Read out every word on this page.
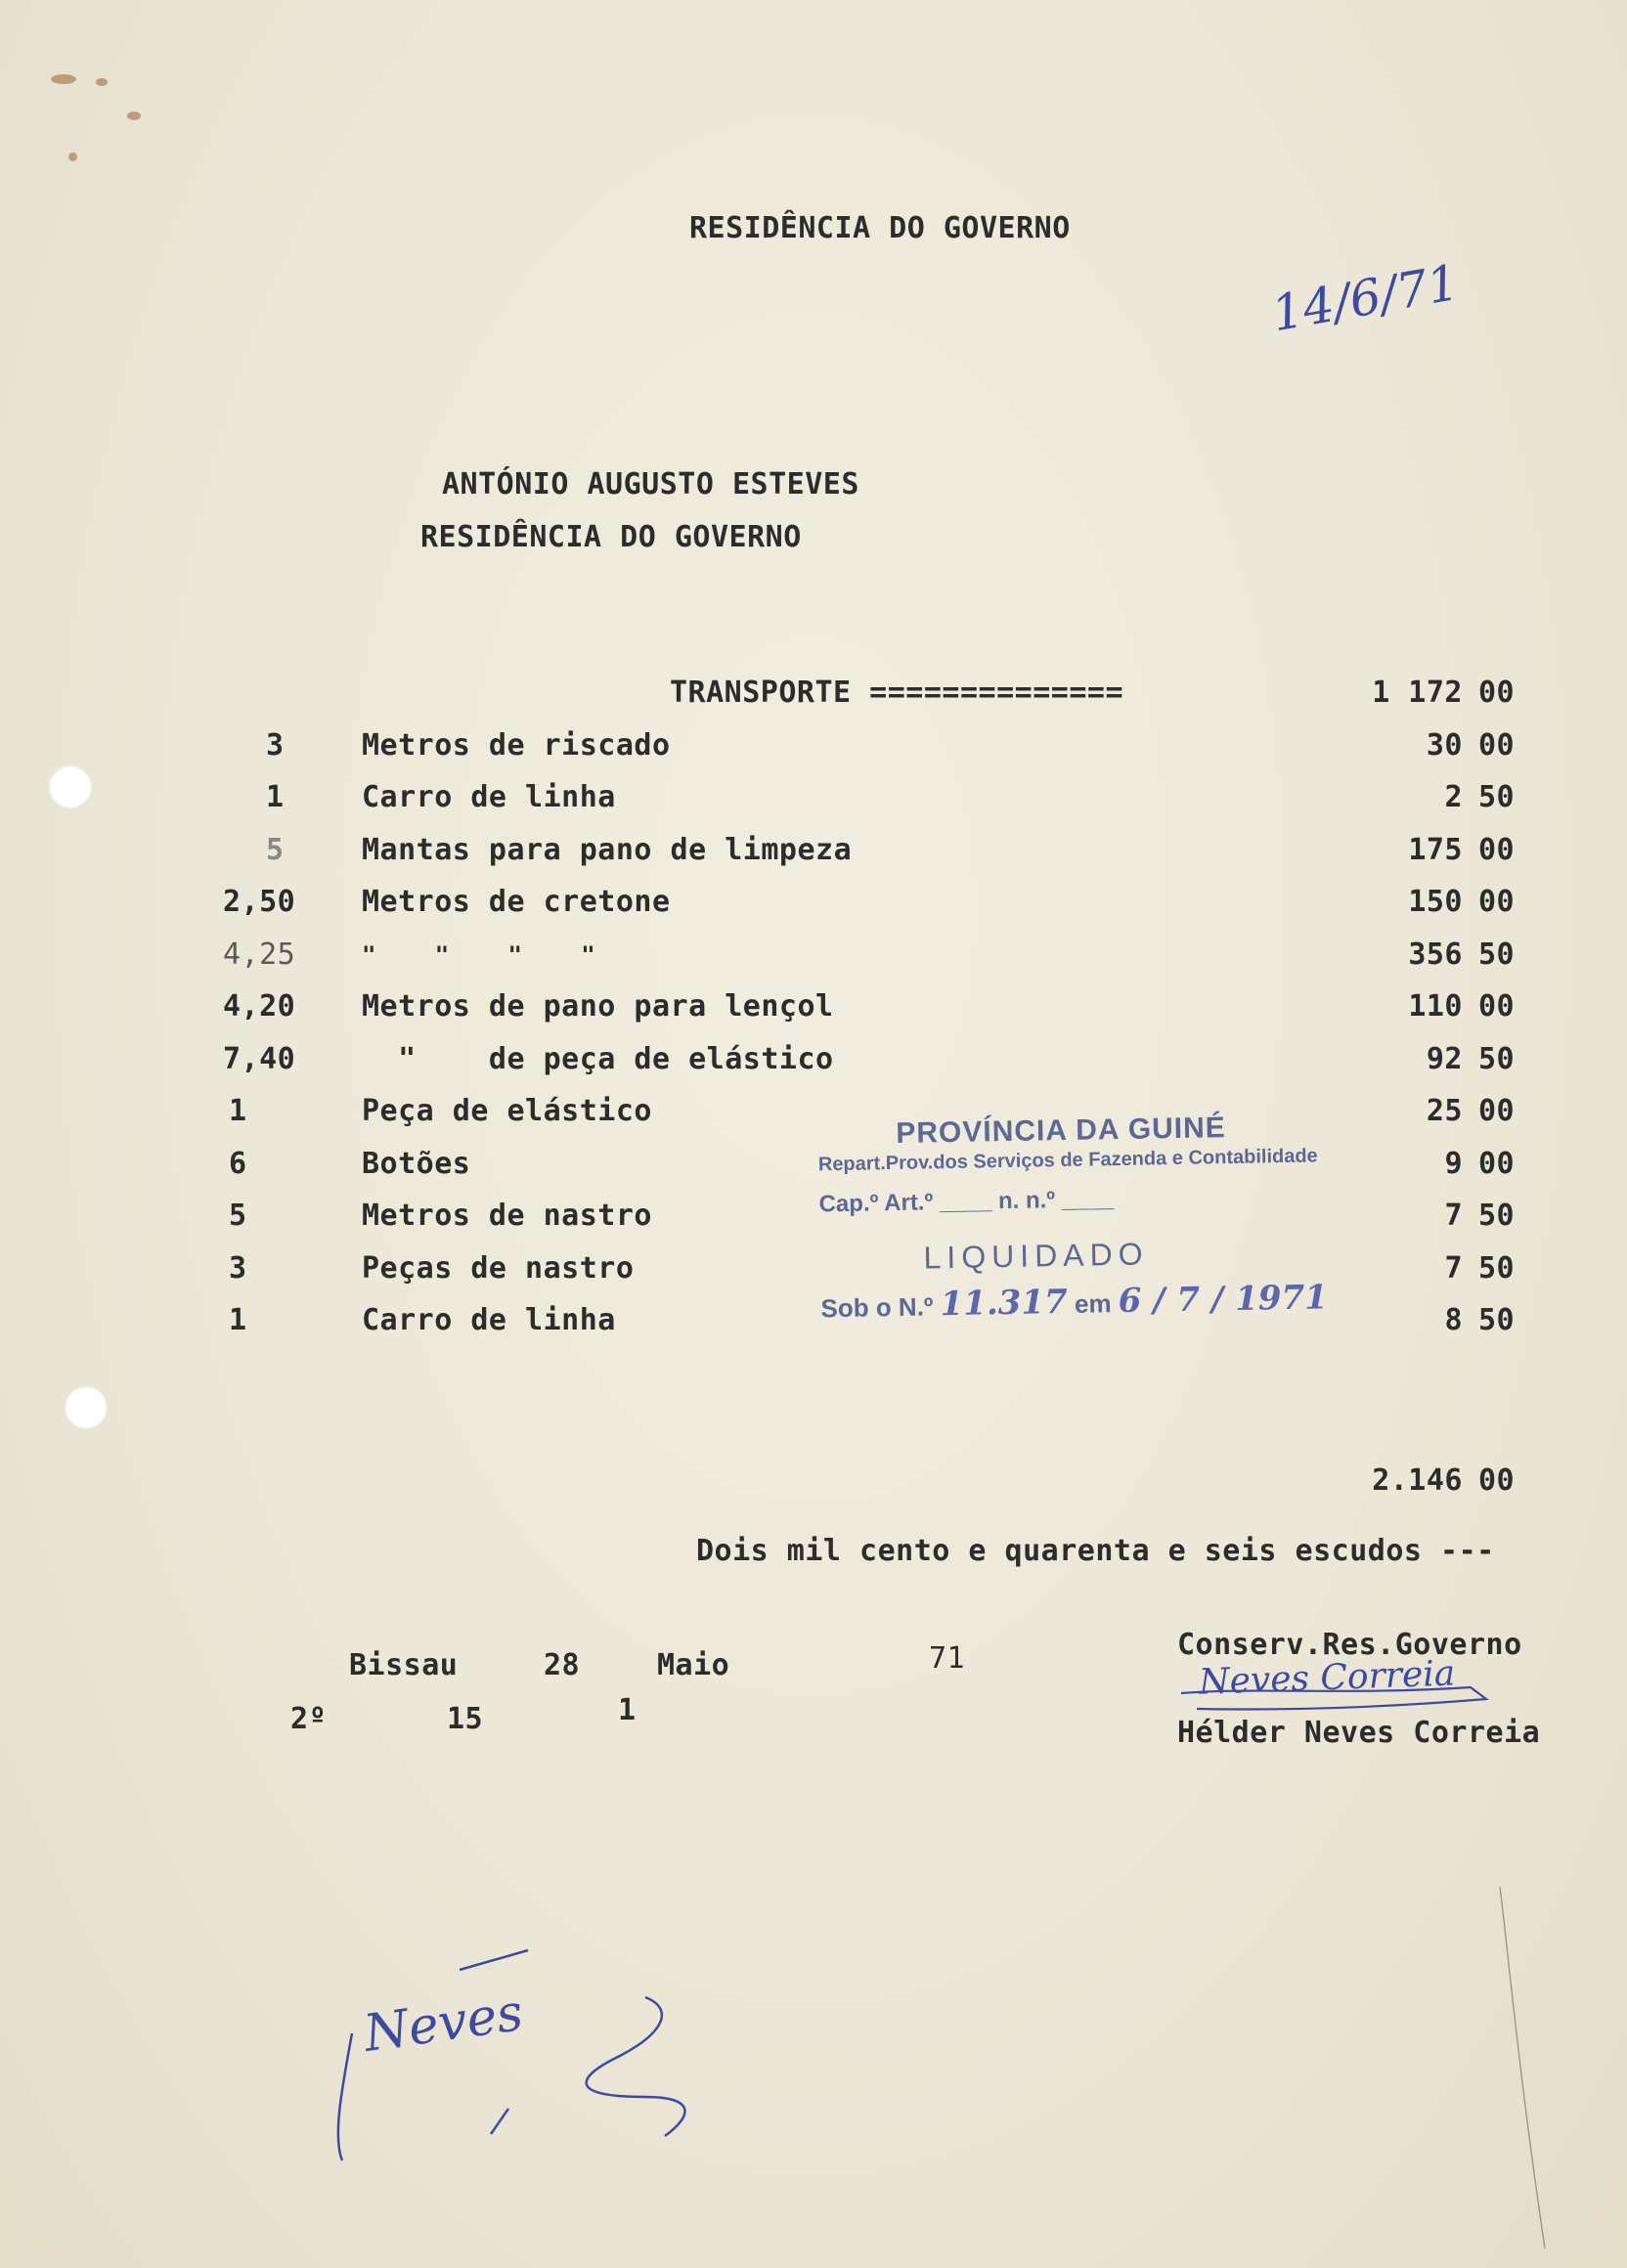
RESIDÊNCIA DO GOVERNO
14/6/71
ANTÓNIO AUGUSTO ESTEVES
RESIDÊNCIA DO GOVERNO
TRANSPORTE ==============	1 172 00
3	Metros de riscado	30 00
1	Carro de linha	2 50
5	Mantas para pano de limpeza	175 00
2,50	Metros de cretone	150 00
4,25	"    "    "    "	356 50
4,20	Metros de pano para lençol	110 00
7,40	"    de peça de elástico	92 50
1	Peça de elástico	25 00
6	Botões	9 00
5	Metros de nastro	7 50
3	Peças de nastro	7 50
1	Carro de linha	8 50
2.146 00
Dois mil cento e quarenta e seis escudos ---
Bissau	28	Maio	71
2º	15	1
Conserv.Res.Governo
Neves Correia
Hélder Neves Correia
PROVÍNCIA DA GUINÉ
Repart.Prov.dos Serviços de Fazenda e Contabilidade
Cap.º Art.º ____ n. n.º ____
LIQUIDADO
Sob o N.º 11.317 em 6 / 7 / 1971
Neves
